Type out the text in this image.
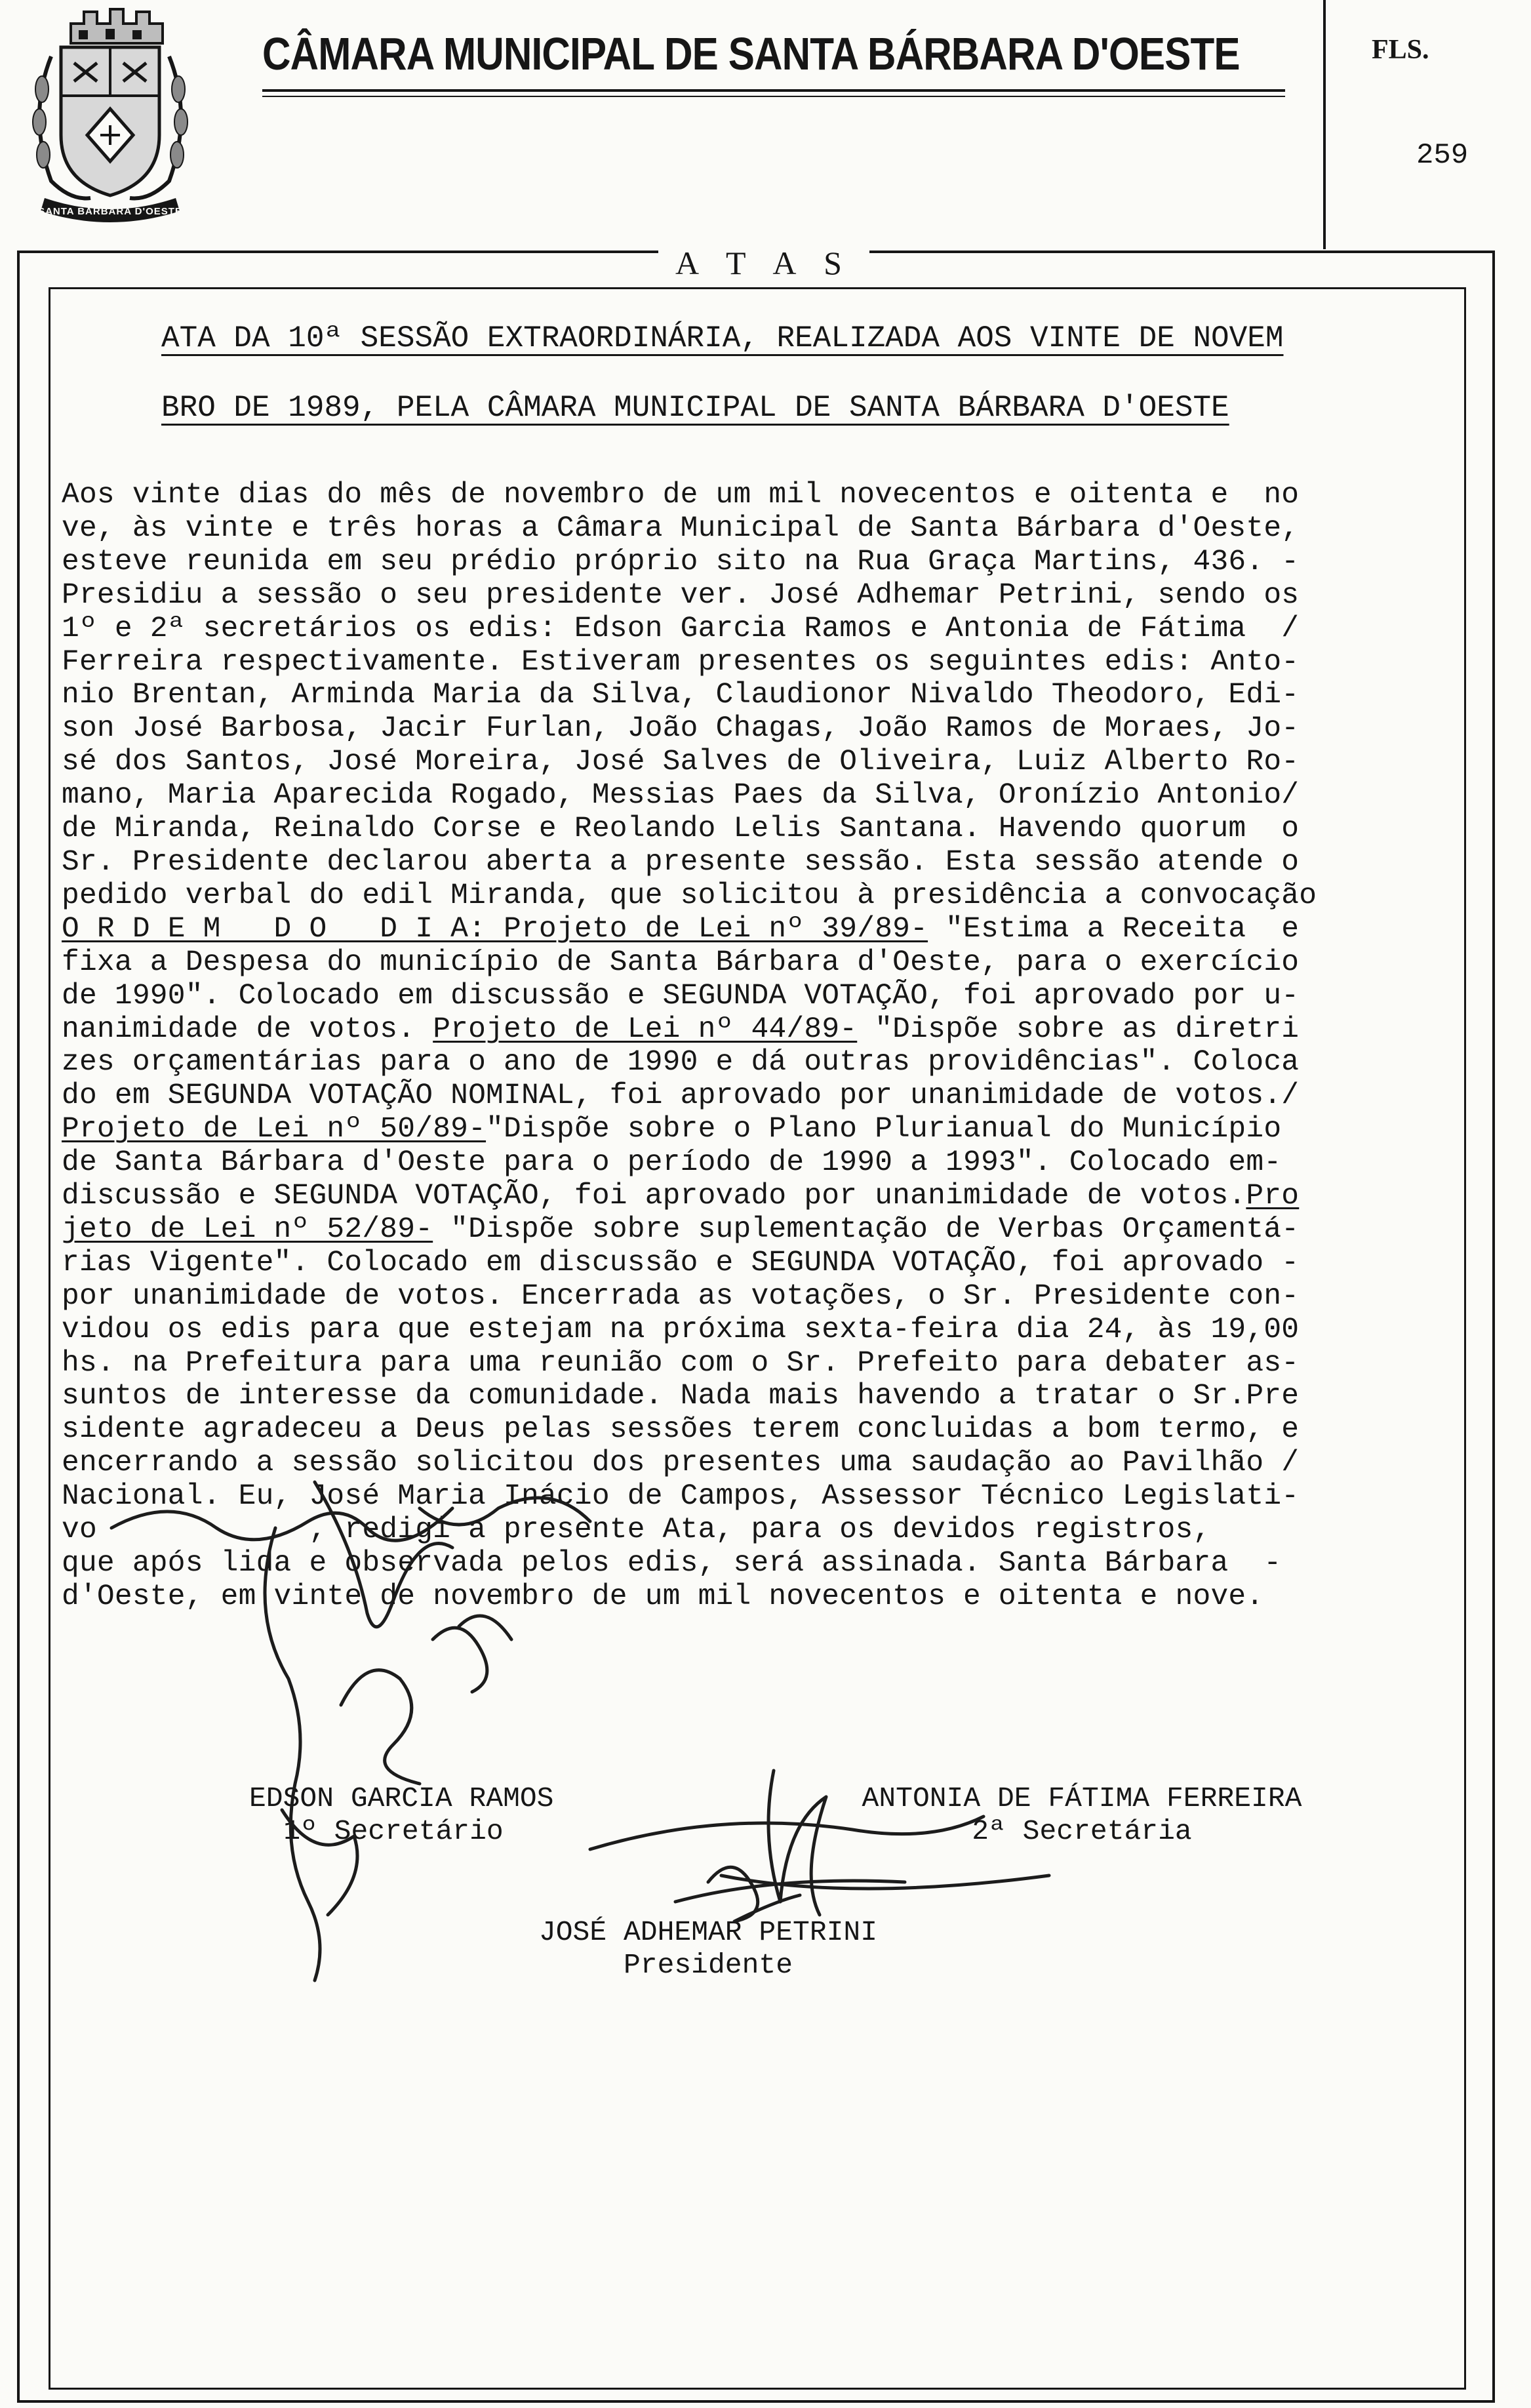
SANTA BARBARA D'OESTE
CÂMARA MUNICIPAL DE SANTA BÁRBARA D'OESTE	FLS.
259
A T A S
ATA DA 10ª SESSÃO EXTRAORDINÁRIA, REALIZADA AOS VINTE DE NOVEM
BRO DE 1989, PELA CÂMARA MUNICIPAL DE SANTA BÁRBARA D'OESTE
Aos vinte dias do mês de novembro de um mil novecentos e oitenta e  no
ve, às vinte e três horas a Câmara Municipal de Santa Bárbara d'Oeste,
esteve reunida em seu prédio próprio sito na Rua Graça Martins, 436. -
Presidiu a sessão o seu presidente ver. José Adhemar Petrini, sendo os
1º e 2ª secretários os edis: Edson Garcia Ramos e Antonia de Fátima  /
Ferreira respectivamente. Estiveram presentes os seguintes edis: Anto-
nio Brentan, Arminda Maria da Silva, Claudionor Nivaldo Theodoro, Edi-
son José Barbosa, Jacir Furlan, João Chagas, João Ramos de Moraes, Jo-
sé dos Santos, José Moreira, José Salves de Oliveira, Luiz Alberto Ro-
mano, Maria Aparecida Rogado, Messias Paes da Silva, Oronízio Antonio/
de Miranda, Reinaldo Corse e Reolando Lelis Santana. Havendo quorum  o
Sr. Presidente declarou aberta a presente sessão. Esta sessão atende o
pedido verbal do edil Miranda, que solicitou à presidência a convocação
O R D E M   D O   D I A: Projeto de Lei nº 39/89- "Estima a Receita  e
fixa a Despesa do município de Santa Bárbara d'Oeste, para o exercício
de 1990". Colocado em discussão e SEGUNDA VOTAÇÃO, foi aprovado por u-
nanimidade de votos. Projeto de Lei nº 44/89- "Dispõe sobre as diretri
zes orçamentárias para o ano de 1990 e dá outras providências". Coloca
do em SEGUNDA VOTAÇÃO NOMINAL, foi aprovado por unanimidade de votos./
Projeto de Lei nº 50/89-"Dispõe sobre o Plano Plurianual do Município
de Santa Bárbara d'Oeste para o período de 1990 a 1993". Colocado em-
discussão e SEGUNDA VOTAÇÃO, foi aprovado por unanimidade de votos.Pro
jeto de Lei nº 52/89- "Dispõe sobre suplementação de Verbas Orçamentá-
rias Vigente". Colocado em discussão e SEGUNDA VOTAÇÃO, foi aprovado -
por unanimidade de votos. Encerrada as votações, o Sr. Presidente con-
vidou os edis para que estejam na próxima sexta-feira dia 24, às 19,00
hs. na Prefeitura para uma reunião com o Sr. Prefeito para debater as-
suntos de interesse da comunidade. Nada mais havendo a tratar o Sr.Pre
sidente agradeceu a Deus pelas sessões terem concluidas a bom termo, e
encerrando a sessão solicitou dos presentes uma saudação ao Pavilhão /
Nacional. Eu, José Maria Inácio de Campos, Assessor Técnico Legislati-
vo            , redigi a presente Ata, para os devidos registros,
que após lida e observada pelos edis, será assinada. Santa Bárbara  -
d'Oeste, em vinte de novembro de um mil novecentos e oitenta e nove.
EDSON GARCIA RAMOS
1º Secretário
ANTONIA DE FÁTIMA FERREIRA
2ª Secretária
JOSÉ ADHEMAR PETRINI
Presidente
